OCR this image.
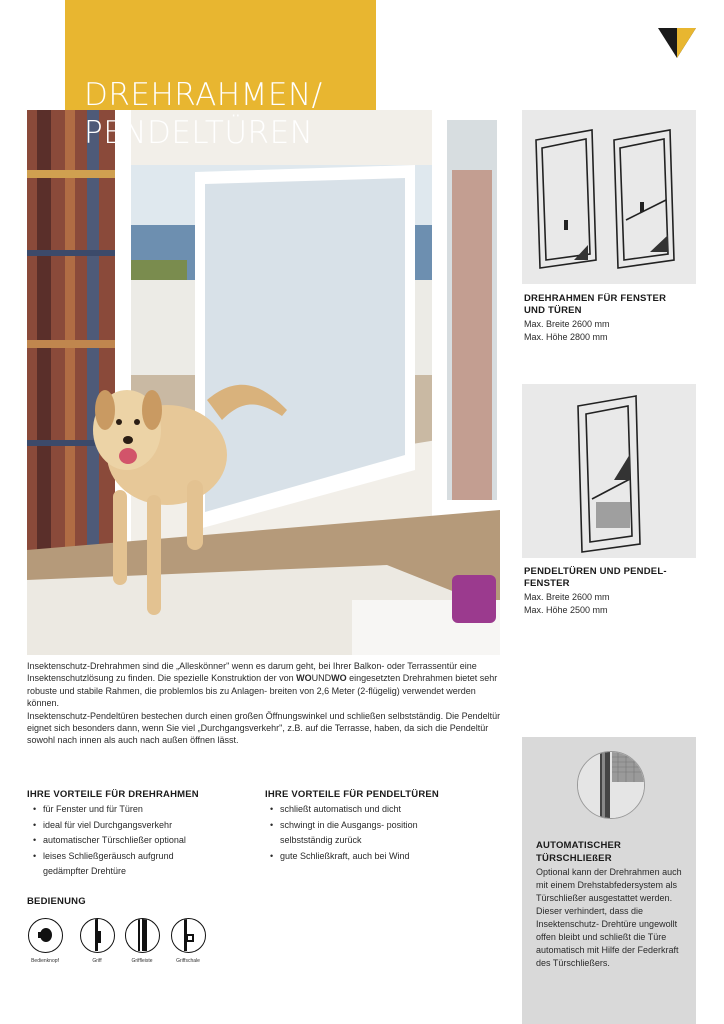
DREHRAHMEN/
PENDELTÜREN
DREHRAHMEN FÜR FENSTER
UND TÜREN
Max. Breite 2600 mm
Max. Höhe 2800 mm
PENDELTÜREN UND PENDEL-
FENSTER
Max. Breite 2600 mm
Max. Höhe 2500 mm

Insektenschutz-Drehrahmen sind die „Alleskönner" wenn es darum geht, bei Ihrer Balkon- oder Terrassentür eine Insektenschutzlösung zu finden. Die spezielle Konstruktion der von WOUNDWO eingesetzten Drehrahmen bietet sehr robuste und stabile Rahmen, die problemlos bis zu Anlagen- breiten von 2,6 Meter (2-flügelig) verwendet werden können.

Insektenschutz-Pendeltüren bestechen durch einen großen Öffnungswinkel und schließen selbstständig. Die Pendeltür eignet sich besonders dann, wenn Sie viel „Durchgangsverkehr", z.B. auf die Terrasse, haben, da sich die Pendeltür sowohl nach innen als auch nach außen öffnen lässt.

IHRE VORTEILE FÜR DREHRAHMEN
• für Fenster und für Türen
• ideal für viel Durchgangsverkehr
• automatischer Türschließer optional
• leises Schließgeräusch aufgrund gedämpfter Drehtüre
IHRE VORTEILE FÜR PENDELTÜREN
• schließt automatisch und dicht
• schwingt in die Ausgangs- position selbstständig zurück
• gute Schließkraft, auch bei Wind
BEDIENUNG
Bedienknopf	Griff	Griffleiste	Griffschale
AUTOMATISCHER
TÜRSCHLIEßER
Optional kann der Drehrahmen auch mit einem Drehstabfedersystem als Türschließer ausgestattet werden. Dieser verhindert, dass die Insektenschutz- Drehtüre ungewollt offen bleibt und schließt die Türe automatisch mit Hilfe der Federkraft des Türschließers.
